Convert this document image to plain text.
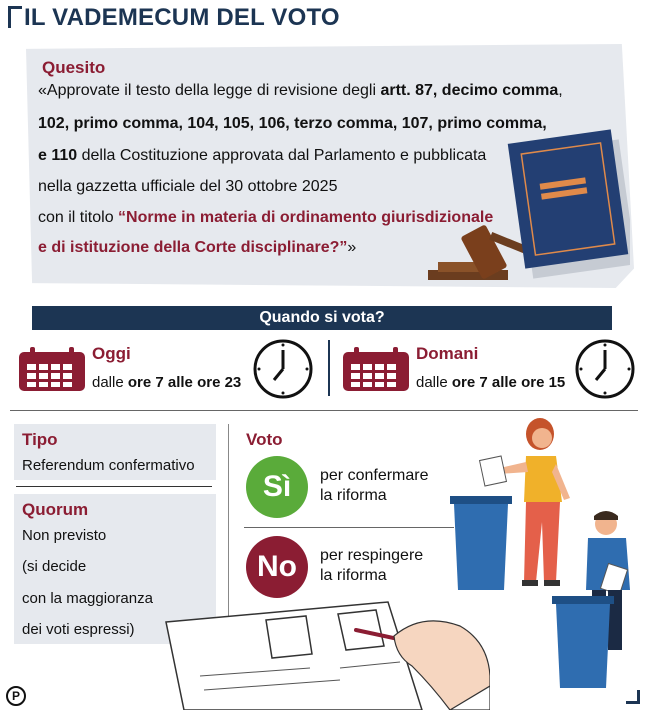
IL VADEMECUM DEL VOTO
Quesito
«Approvate il testo della legge di revisione degli artt. 87, decimo comma,
102, primo comma, 104, 105, 106, terzo comma, 107, primo comma,
e 110 della Costituzione approvata dal Parlamento e pubblicata
nella gazzetta ufficiale del 30 ottobre 2025
con il titolo “Norme in materia di ordinamento giurisdizionale
e di istituzione della Corte disciplinare?”»
Quando si vota?
Oggi
dalle ore 7 alle ore 23
Domani
dalle ore 7 alle ore 15
Tipo
Referendum confermativo
Quorum
Non previsto
(si decide
con la maggioranza
dei voti espressi)
Voto
Sì	per confermare
la riforma
No	per respingere
la riforma
P
